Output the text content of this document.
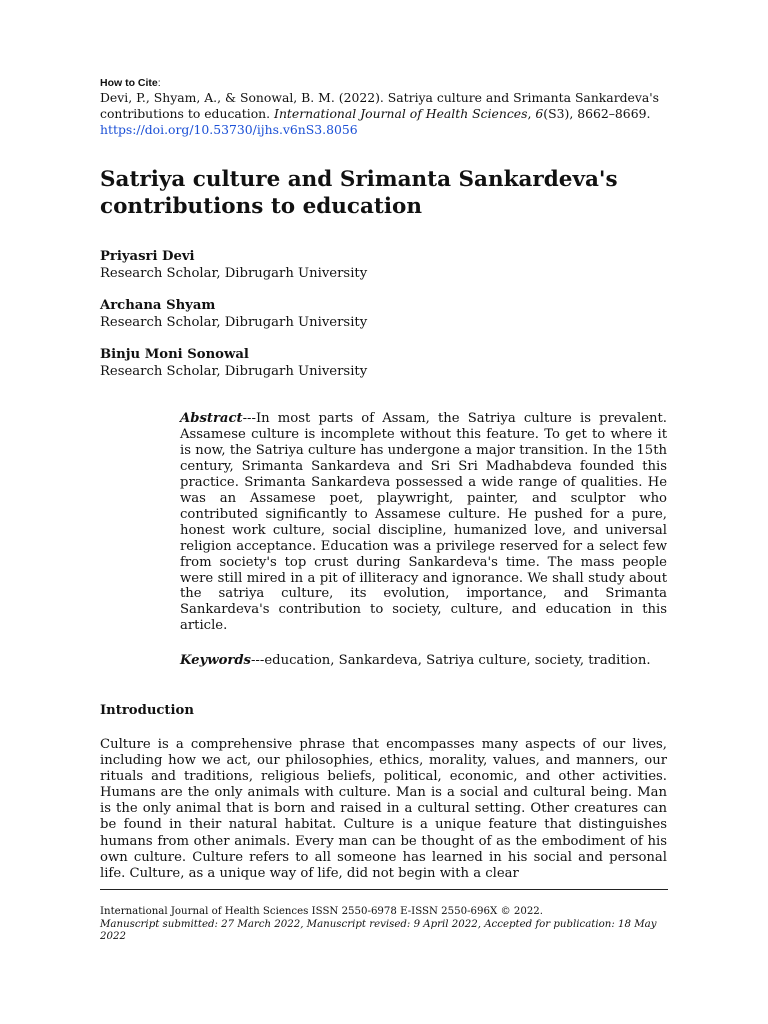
How to Cite:
Devi, P., Shyam, A., & Sonowal, B. M. (2022). Satriya culture and Srimanta Sankardeva's contributions to education. International Journal of Health Sciences, 6(S3), 8662–8669.
https://doi.org/10.53730/ijhs.v6nS3.8056
Satriya culture and Srimanta Sankardeva's contributions to education
Priyasri Devi
Research Scholar, Dibrugarh University
Archana Shyam
Research Scholar, Dibrugarh University
Binju Moni Sonowal
Research Scholar, Dibrugarh University
Abstract---In most parts of Assam, the Satriya culture is prevalent. Assamese culture is incomplete without this feature. To get to where it is now, the Satriya culture has undergone a major transition. In the 15th century, Srimanta Sankardeva and Sri Sri Madhabdeva founded this practice. Srimanta Sankardeva possessed a wide range of qualities. He was an Assamese poet, playwright, painter, and sculptor who contributed significantly to Assamese culture. He pushed for a pure, honest work culture, social discipline, humanized love, and universal religion acceptance. Education was a privilege reserved for a select few from society's top crust during Sankardeva's time. The mass people were still mired in a pit of illiteracy and ignorance. We shall study about the satriya culture, its evolution, importance, and Srimanta Sankardeva's contribution to society, culture, and education in this article.
Keywords---education, Sankardeva, Satriya culture, society, tradition.
Introduction
Culture is a comprehensive phrase that encompasses many aspects of our lives, including how we act, our philosophies, ethics, morality, values, and manners, our rituals and traditions, religious beliefs, political, economic, and other activities. Humans are the only animals with culture. Man is a social and cultural being. Man is the only animal that is born and raised in a cultural setting. Other creatures can be found in their natural habitat. Culture is a unique feature that distinguishes humans from other animals. Every man can be thought of as the embodiment of his own culture. Culture refers to all someone has learned in his social and personal life. Culture, as a unique way of life, did not begin with a clear
International Journal of Health Sciences ISSN 2550-6978 E-ISSN 2550-696X © 2022.
Manuscript submitted: 27 March 2022, Manuscript revised: 9 April 2022, Accepted for publication: 18 May 2022
